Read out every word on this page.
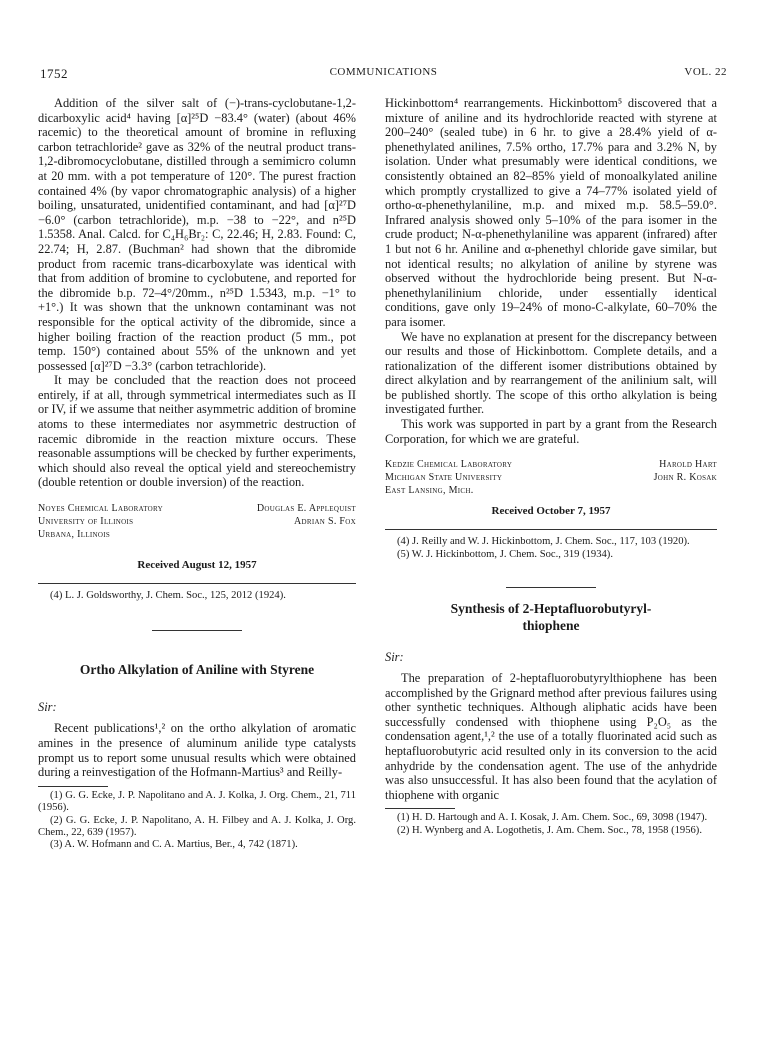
1752	COMMUNICATIONS	VOL. 22

Addition of the silver salt of (−)-trans-cyclobutane-1,2-dicarboxylic acid⁴ having [α]²⁵D −83.4° (water) (about 46% racemic) to the theoretical amount of bromine in refluxing carbon tetrachloride² gave as 32% of the neutral product trans-1,2-dibromocyclobutane, distilled through a semimicro column at 20 mm. with a pot temperature of 120°. The purest fraction contained 4% (by vapor chromatographic analysis) of a higher boiling, unsaturated, unidentified contaminant, and had [α]²⁷D −6.0° (carbon tetrachloride), m.p. −38 to −22°, and n²⁵D 1.5358. Anal. Calcd. for C₄H₆Br₂: C, 22.46; H, 2.83. Found: C, 22.74; H, 2.87. (Buchman² had shown that the dibromide product from racemic trans-dicarboxylate was identical with that from addition of bromine to cyclobutene, and reported for the dibromide b.p. 72–4°/20mm., n²⁵D 1.5343, m.p. −1° to +1°.) It was shown that the unknown contaminant was not responsible for the optical activity of the dibromide, since a higher boiling fraction of the reaction product (5 mm., pot temp. 150°) contained about 55% of the unknown and yet possessed [α]²⁷D −3.3° (carbon tetrachloride).

It may be concluded that the reaction does not proceed entirely, if at all, through symmetrical intermediates such as II or IV, if we assume that neither asymmetric addition of bromine atoms to these intermediates nor asymmetric destruction of racemic dibromide in the reaction mixture occurs. These reasonable assumptions will be checked by further experiments, which should also reveal the optical yield and stereochemistry (double retention or double inversion) of the reaction.

Noyes Chemical Laboratory	Douglas E. Applequist
University of Illinois	Adrian S. Fox
Urbana, Illinois
Received August 12, 1957

(4) L. J. Goldsworthy, J. Chem. Soc., 125, 2012 (1924).

Ortho Alkylation of Aniline with Styrene
Sir:

Recent publications¹,² on the ortho alkylation of aromatic amines in the presence of aluminum anilide type catalysts prompt us to report some unusual results which were obtained during a reinvestigation of the Hofmann-Martius³ and Reilly-

(1) G. G. Ecke, J. P. Napolitano and A. J. Kolka, J. Org. Chem., 21, 711 (1956).

(2) G. G. Ecke, J. P. Napolitano, A. H. Filbey and A. J. Kolka, J. Org. Chem., 22, 639 (1957).

(3) A. W. Hofmann and C. A. Martius, Ber., 4, 742 (1871).

Hickinbottom⁴ rearrangements. Hickinbottom⁵ discovered that a mixture of aniline and its hydrochloride reacted with styrene at 200–240° (sealed tube) in 6 hr. to give a 28.4% yield of α-phenethylated anilines, 7.5% ortho, 17.7% para and 3.2% N, by isolation. Under what presumably were identical conditions, we consistently obtained an 82–85% yield of monoalkylated aniline which promptly crystallized to give a 74–77% isolated yield of ortho-α-phenethylaniline, m.p. and mixed m.p. 58.5–59.0°. Infrared analysis showed only 5–10% of the para isomer in the crude product; N-α-phenethylaniline was apparent (infrared) after 1 but not 6 hr. Aniline and α-phenethyl chloride gave similar, but not identical results; no alkylation of aniline by styrene was observed without the hydrochloride being present. But N-α-phenethylanilinium chloride, under essentially identical conditions, gave only 19–24% of mono-C-alkylate, 60–70% the para isomer.

We have no explanation at present for the discrepancy between our results and those of Hickinbottom. Complete details, and a rationalization of the different isomer distributions obtained by direct alkylation and by rearrangement of the anilinium salt, will be published shortly. The scope of this ortho alkylation is being investigated further.

This work was supported in part by a grant from the Research Corporation, for which we are grateful.

Kedzie Chemical Laboratory	Harold Hart
Michigan State University	John R. Kosak
East Lansing, Mich.
Received October 7, 1957

(4) J. Reilly and W. J. Hickinbottom, J. Chem. Soc., 117, 103 (1920).

(5) W. J. Hickinbottom, J. Chem. Soc., 319 (1934).

Synthesis of 2-Heptafluorobutyryl-
thiophene
Sir:

The preparation of 2-heptafluorobutyrylthiophene has been accomplished by the Grignard method after previous failures using other synthetic techniques. Although aliphatic acids have been successfully condensed with thiophene using P₂O₅ as the condensation agent,¹,² the use of a totally fluorinated acid such as heptafluorobutyric acid resulted only in its conversion to the acid anhydride by the condensation agent. The use of the anhydride was also unsuccessful. It has also been found that the acylation of thiophene with organic

(1) H. D. Hartough and A. I. Kosak, J. Am. Chem. Soc., 69, 3098 (1947).

(2) H. Wynberg and A. Logothetis, J. Am. Chem. Soc., 78, 1958 (1956).
